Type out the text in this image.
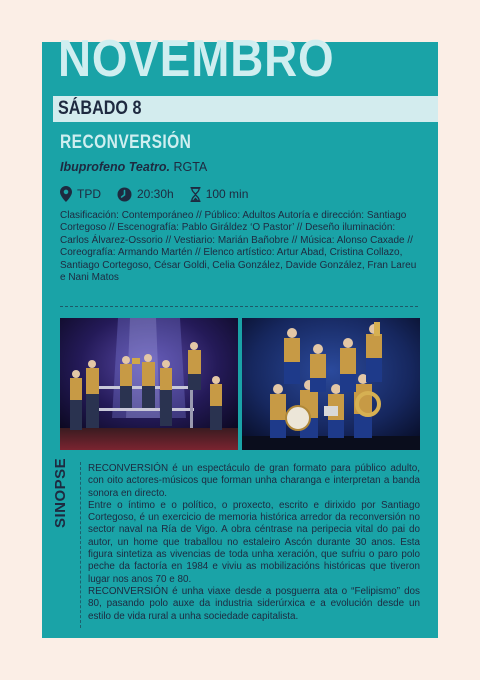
NOVEMBRO
SÁBADO 8
RECONVERSIÓN
Ibuprofeno Teatro. RGTA
TPD	20:30h	100 min
Clasificación: Contemporáneo // Público: Adultos Autoría e dirección: Santiago Cortegoso // Escenografía: Pablo Giráldez ‘O Pastor’ // Deseño iluminación: Carlos Álvarez-Ossorio // Vestiario: Marián Bañobre // Música: Alonso Caxade // Coreografía: Armando Martén // Elenco artístico: Artur Abad, Cristina Collazo, Santiago Cortegoso, César Goldi, Celia González, Davide González, Fran Lareu e Nani Matos
SINOPSE RECONVERSIÓN é un espectáculo de gran formato para público adulto, con oito actores-músicos que forman unha charanga e interpretan a banda sonora en directo.

Entre o íntimo e o político, o proxecto, escrito e dirixido por Santiago Cortegoso, é un exercicio de memoria histórica arredor da reconversión no sector naval na Ría de Vigo. A obra céntrase na peripecia vital do pai do autor, un home que traballou no estaleiro Ascón durante 30 anos. Esta figura sintetiza as vivencias de toda unha xeración, que sufriu o paro polo peche da factoría en 1984 e viviu as mobilizacións históricas que tiveron lugar nos anos 70 e 80.

RECONVERSIÓN é unha viaxe desde a posguerra ata o “Felipismo” dos 80, pasando polo auxe da industria siderúrxica e a evolución desde un estilo de vida rural a unha sociedade capitalista.
